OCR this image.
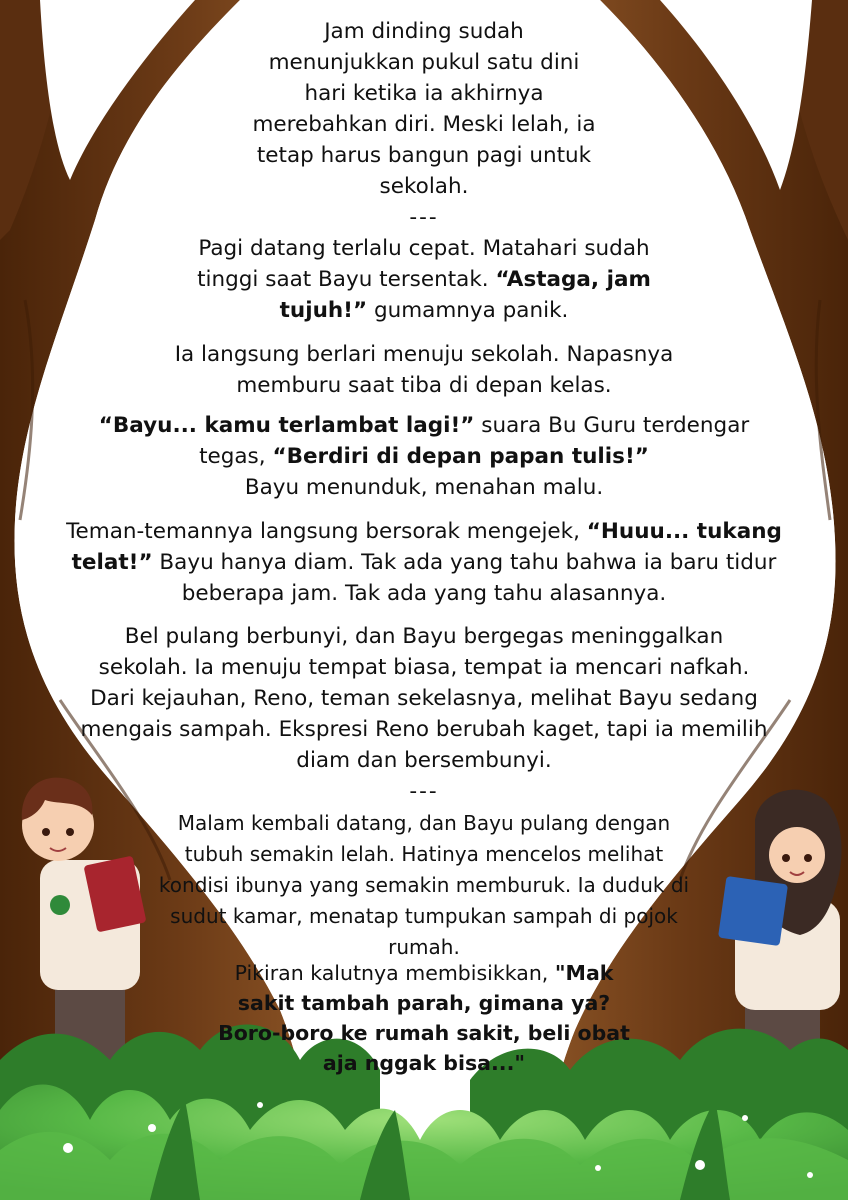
Jam dinding sudah
menunjukkan pukul satu dini
hari ketika ia akhirnya
merebahkan diri. Meski lelah, ia
tetap harus bangun pagi untuk
sekolah.
---
Pagi datang terlalu cepat. Matahari sudah
tinggi saat Bayu tersentak. “Astaga, jam
tujuh!” gumamnya panik.
Ia langsung berlari menuju sekolah. Napasnya
memburu saat tiba di depan kelas.
“Bayu... kamu terlambat lagi!” suara Bu Guru terdengar
tegas, “Berdiri di depan papan tulis!”
Bayu menunduk, menahan malu.
Teman-temannya langsung bersorak mengejek, “Huuu... tukang
telat!” Bayu hanya diam. Tak ada yang tahu bahwa ia baru tidur
beberapa jam. Tak ada yang tahu alasannya.
Bel pulang berbunyi, dan Bayu bergegas meninggalkan
sekolah. Ia menuju tempat biasa, tempat ia mencari nafkah.
Dari kejauhan, Reno, teman sekelasnya, melihat Bayu sedang
mengais sampah. Ekspresi Reno berubah kaget, tapi ia memilih
diam dan bersembunyi.
---
Malam kembali datang, dan Bayu pulang dengan
tubuh semakin lelah. Hatinya mencelos melihat
kondisi ibunya yang semakin memburuk. Ia duduk di
sudut kamar, menatap tumpukan sampah di pojok
rumah.
Pikiran kalutnya membisikkan, "Mak
sakit tambah parah, gimana ya?
Boro-boro ke rumah sakit, beli obat
aja nggak bisa..."
